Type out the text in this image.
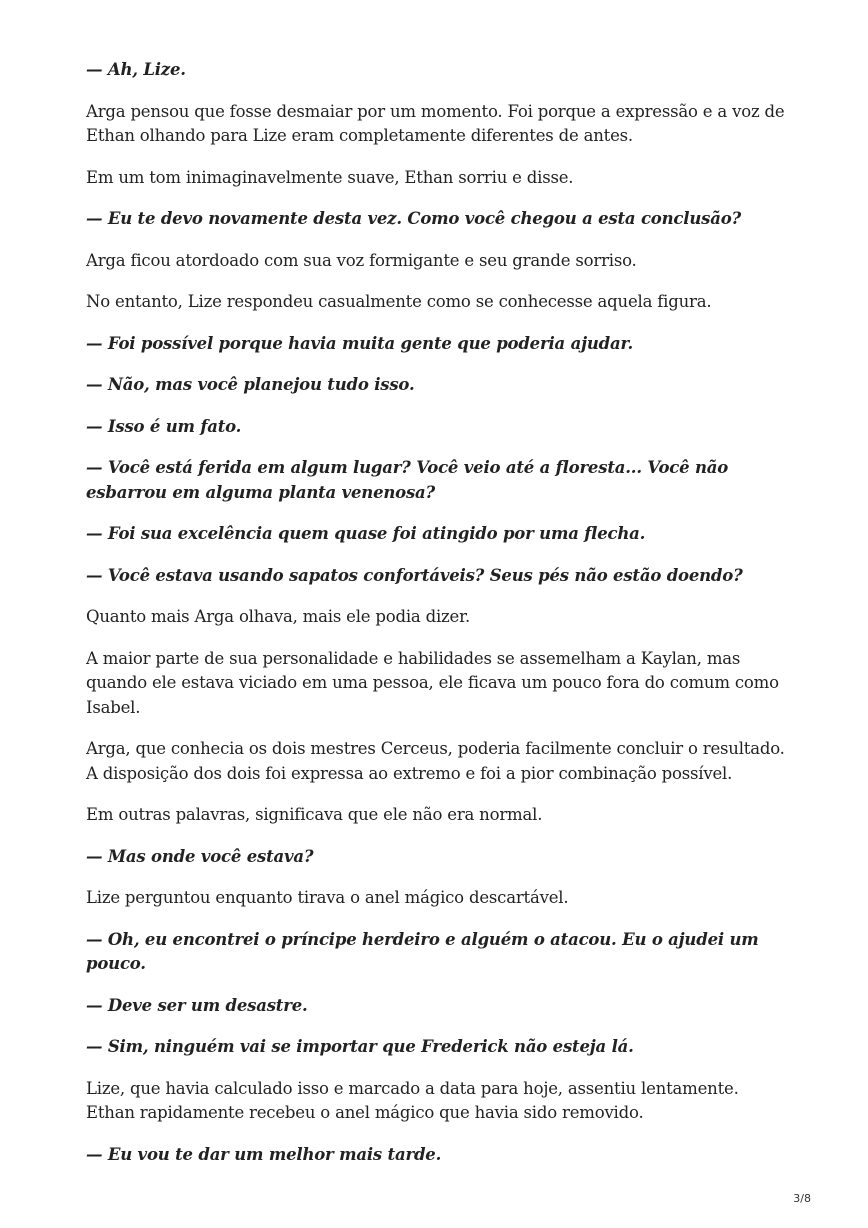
— Ah, Lize.

Arga pensou que fosse desmaiar por um momento. Foi porque a expressão e a voz de Ethan olhando para Lize eram completamente diferentes de antes.

Em um tom inimaginavelmente suave, Ethan sorriu e disse.

— Eu te devo novamente desta vez. Como você chegou a esta conclusão?

Arga ficou atordoado com sua voz formigante e seu grande sorriso.

No entanto, Lize respondeu casualmente como se conhecesse aquela figura.

— Foi possível porque havia muita gente que poderia ajudar.

— Não, mas você planejou tudo isso.

— Isso é um fato.

— Você está ferida em algum lugar? Você veio até a floresta... Você não esbarrou em alguma planta venenosa?

— Foi sua excelência quem quase foi atingido por uma flecha.

— Você estava usando sapatos confortáveis? Seus pés não estão doendo?

Quanto mais Arga olhava, mais ele podia dizer.

A maior parte de sua personalidade e habilidades se assemelham a Kaylan, mas quando ele estava viciado em uma pessoa, ele ficava um pouco fora do comum como Isabel.

Arga, que conhecia os dois mestres Cerceus, poderia facilmente concluir o resultado. A disposição dos dois foi expressa ao extremo e foi a pior combinação possível.

Em outras palavras, significava que ele não era normal.

— Mas onde você estava?

Lize perguntou enquanto tirava o anel mágico descartável.

— Oh, eu encontrei o príncipe herdeiro e alguém o atacou. Eu o ajudei um pouco.

— Deve ser um desastre.

— Sim, ninguém vai se importar que Frederick não esteja lá.

Lize, que havia calculado isso e marcado a data para hoje, assentiu lentamente. Ethan rapidamente recebeu o anel mágico que havia sido removido.

— Eu vou te dar um melhor mais tarde.

3/8
